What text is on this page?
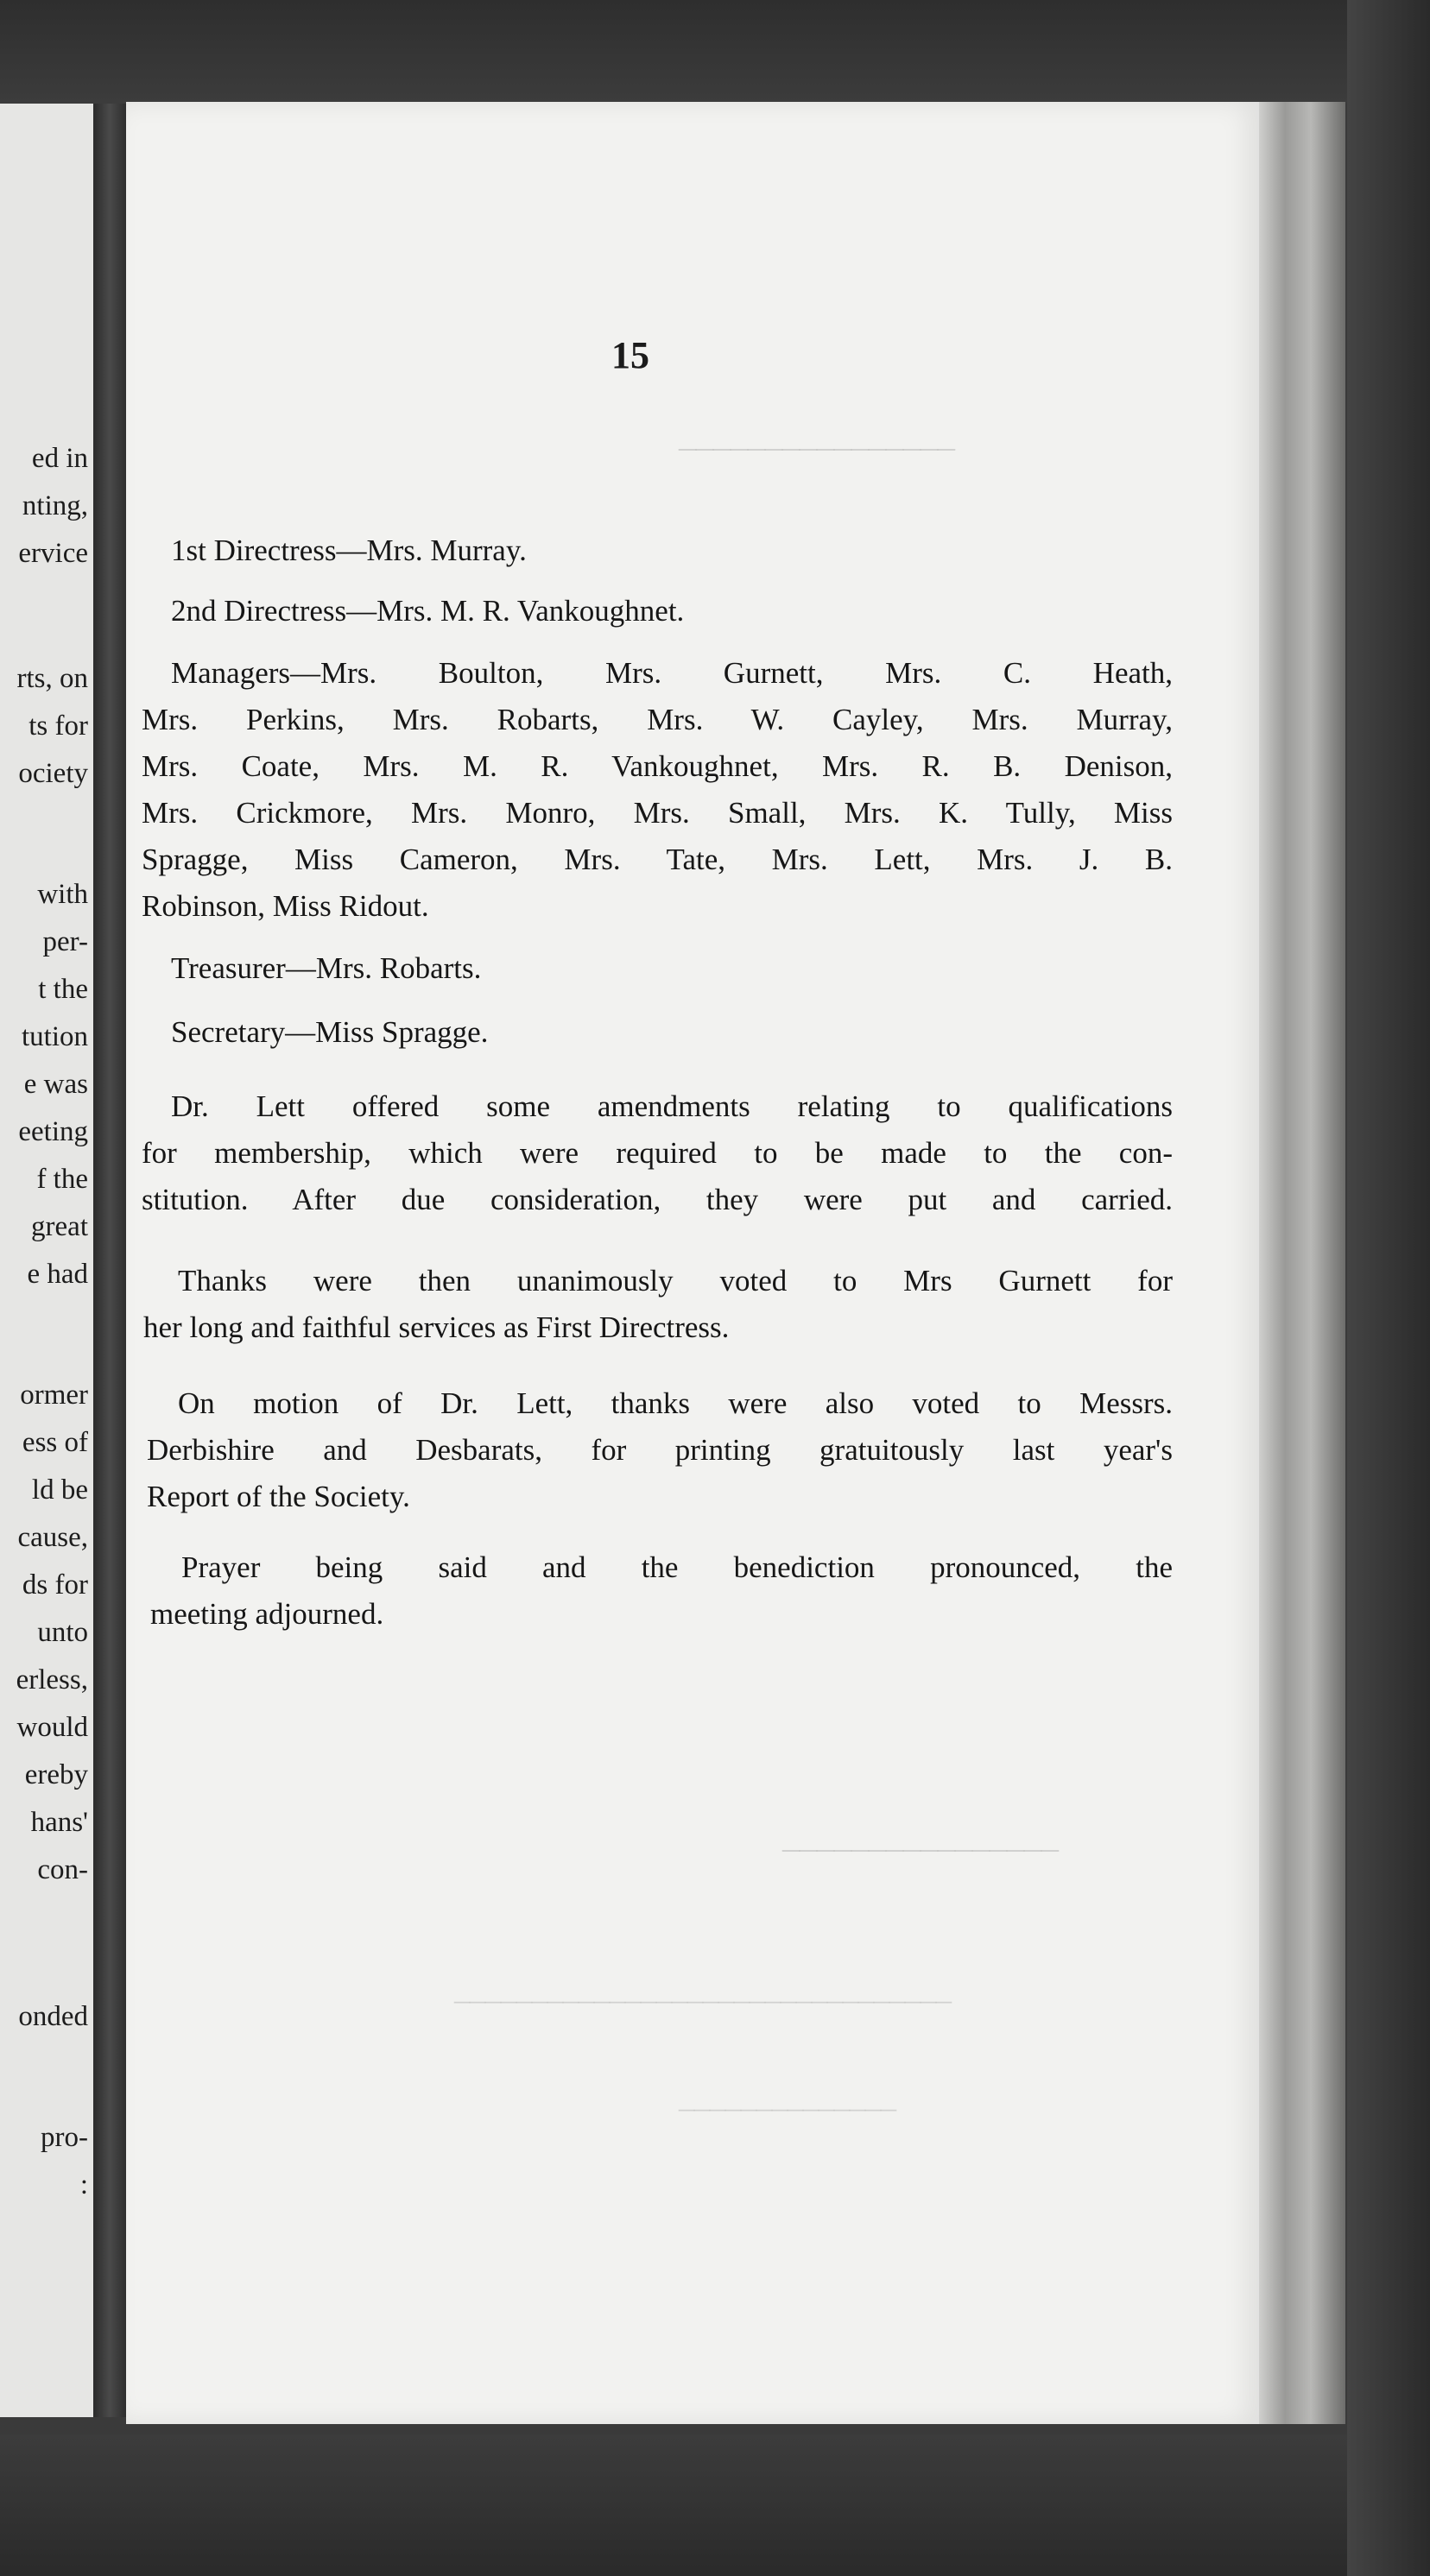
ed in
nting,
ervice
rts, on
ts for
ociety
with
per-
t the
tution
e was
eeting
f the
great
e had
ormer
ess of
ld be
cause,
ds for
unto
erless,
would
ereby
hans'
con-
onded
pro-
:
________________
________________
________________________________
______________
15
1st Directress—Mrs. Murray.
2nd Directress—Mrs. M. R. Vankoughnet.
Managers—Mrs. Boulton, Mrs. Gurnett, Mrs. C. Heath,
Mrs. Perkins, Mrs. Robarts, Mrs. W. Cayley, Mrs. Murray,
Mrs. Coate, Mrs. M. R. Vankoughnet, Mrs. R. B. Denison,
Mrs. Crickmore, Mrs. Monro, Mrs. Small, Mrs. K. Tully, Miss
Spragge, Miss Cameron, Mrs. Tate, Mrs. Lett, Mrs. J. B.
Robinson, Miss Ridout.
Treasurer—Mrs. Robarts.
Secretary—Miss Spragge.
Dr. Lett offered some amendments relating to qualifications
for membership, which were required to be made to the con-
stitution. After due consideration, they were put and carried.
Thanks were then unanimously voted to Mrs Gurnett for
her long and faithful services as First Directress.
On motion of Dr. Lett, thanks were also voted to Messrs.
Derbishire and Desbarats, for printing gratuitously last year's
Report of the Society.
Prayer being said and the benediction pronounced, the
meeting adjourned.
